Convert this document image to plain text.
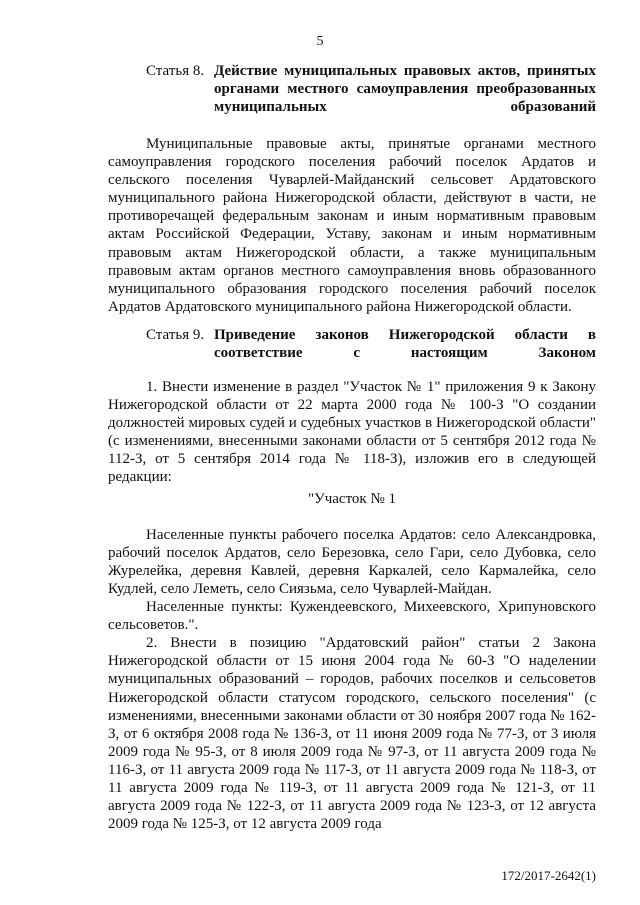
5
Статья 8. Действие муниципальных правовых актов, принятых органами местного самоуправления преобразованных
муниципальных образований

Муниципальные правовые акты, принятые органами местного самоуправления городского поселения рабочий поселок Ардатов и сельского поселения Чуварлей-Майданский сельсовет Ардатовского муниципального района Нижегородской области, действуют в части, не противоречащей федеральным законам и иным нормативным правовым актам Российской Федерации, Уставу, законам и иным нормативным правовым актам Нижегородской области, а также муниципальным правовым актам органов местного самоуправления вновь образованного муниципального образования городского поселения рабочий поселок Ардатов Ардатовского муниципального района Нижегородской области.

Статья 9. Приведение законов Нижегородской области в
соответствие с настоящим Законом

1. Внести изменение в раздел "Участок № 1" приложения 9 к Закону Нижегородской области от 22 марта 2000 года № 100-З "О создании должностей мировых судей и судебных участков в Нижегородской области" (с изменениями, внесенными законами области от 5 сентября 2012 года № 112-З, от 5 сентября 2014 года № 118-З), изложив его в следующей редакции:

"Участок № 1

Населенные пункты рабочего поселка Ардатов: село Александровка, рабочий поселок Ардатов, село Березовка, село Гари, село Дубовка, село Журелейка, деревня Кавлей, деревня Каркалей, село Кармалейка, село Кудлей, село Леметь, село Сиязьма, село Чуварлей-Майдан.

Населенные пункты: Кужендеевского, Михеевского, Хрипуновского сельсоветов.".

2. Внести в позицию "Ардатовский район" статьи 2 Закона Нижегородской области от 15 июня 2004 года № 60-З "О наделении муниципальных образований – городов, рабочих поселков и сельсоветов Нижегородской области статусом городского, сельского поселения" (с изменениями, внесенными законами области от 30 ноября 2007 года № 162-З, от 6 октября 2008 года № 136-З, от 11 июня 2009 года № 77-З, от 3 июля 2009 года № 95-З, от 8 июля 2009 года № 97-З, от 11 августа 2009 года № 116-З, от 11 августа 2009 года № 117-З, от 11 августа 2009 года № 118-З, от 11 августа 2009 года № 119-З, от 11 августа 2009 года № 121-З, от 11 августа 2009 года № 122-З, от 11 августа 2009 года № 123-З, от 12 августа 2009 года № 125-З, от 12 августа 2009 года

172/2017-2642(1)
